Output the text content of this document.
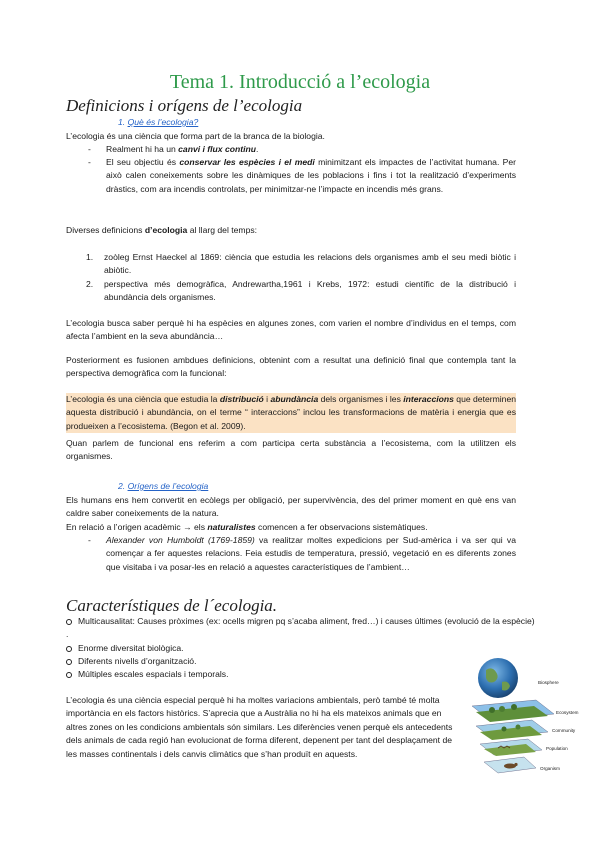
Tema 1. Introducció a l’ecologia
Definicions i orígens de l’ecologia
1. Què és l’ecologia?
L’ecologia és una ciència que forma part de la branca de la biologia.
- Realment hi ha un canvi i flux continu.
- El seu objectiu és conservar les espècies i el medi minimitzant els impactes de l’activitat humana. Per això calen coneixements sobre les dinàmiques de les poblacions i fins i tot la realització d’experiments dràstics, com ara incendis controlats, per minimitzar-ne l’impacte en incendis més grans.
Diverses definicions d’ecologia al llarg del temps:
1. zoòleg Ernst Haeckel al 1869: ciència que estudia les relacions dels organismes amb el seu medi biòtic i abiòtic.
2. perspectiva més demogràfica, Andrewartha,1961 i Krebs, 1972: estudi científic de la distribució i abundància dels organismes.
L’ecologia busca saber perquè hi ha espècies en algunes zones, com varien el nombre d’individus en el temps, com afecta l’ambient en la seva abundància…
Posteriorment es fusionen ambdues definicions, obtenint com a resultat una definició final que contempla tant la perspectiva demogràfica com la funcional:
L’ecologia és una ciència que estudia la distribució i abundància dels organismes i les interaccions que determinen aquesta distribució i abundància, on el terme “ interaccions” inclou les transformacions de matèria i energia que es produeixen a l’ecosistema. (Begon et al. 2009).
Quan parlem de funcional ens referim a com participa certa substància a l’ecosistema, com la utilitzen els organismes.
2. Orígens de l’ecologia
Els humans ens hem convertit en ecòlegs per obligació, per supervivència, des del primer moment en què ens van caldre saber coneixements de la natura.
En relació a l’origen acadèmic → els naturalistes comencen a fer observacions sistemàtiques.
- Alexander von Humboldt (1769-1859) va realitzar moltes expedicions per Sud-amèrica i va ser qui va començar a fer aquestes relacions. Feia estudis de temperatura, pressió, vegetació en es diferents zones que visitaba i va posar-les en relació a aquestes característiques de l’ambient…
Característiques de l´ecologia.
Multicausalitat: Causes pròximes (ex: ocells migren pq s’acaba aliment, fred…) i causes últimes (evolució de la espècie) .
Enorme diversitat biològica.
Diferents nivells d’organització.
Múltiples escales espacials i temporals.
L’ecologia és una ciència especial perquè hi ha moltes variacions ambientals, però també té molta importància en els factors històrics. S’aprecia que a Austràlia no hi ha els mateixos animals que en altres zones on les condicions ambientals són similars. Les diferències venen perquè els antecedents dels animals de cada regió han evolucionat de forma diferent, depenent per tant del desplaçament de les masses continentals i dels canvis climàtics que s’han produït en aquests.
Biosphere
Ecosystem
Community
Population
Organism
